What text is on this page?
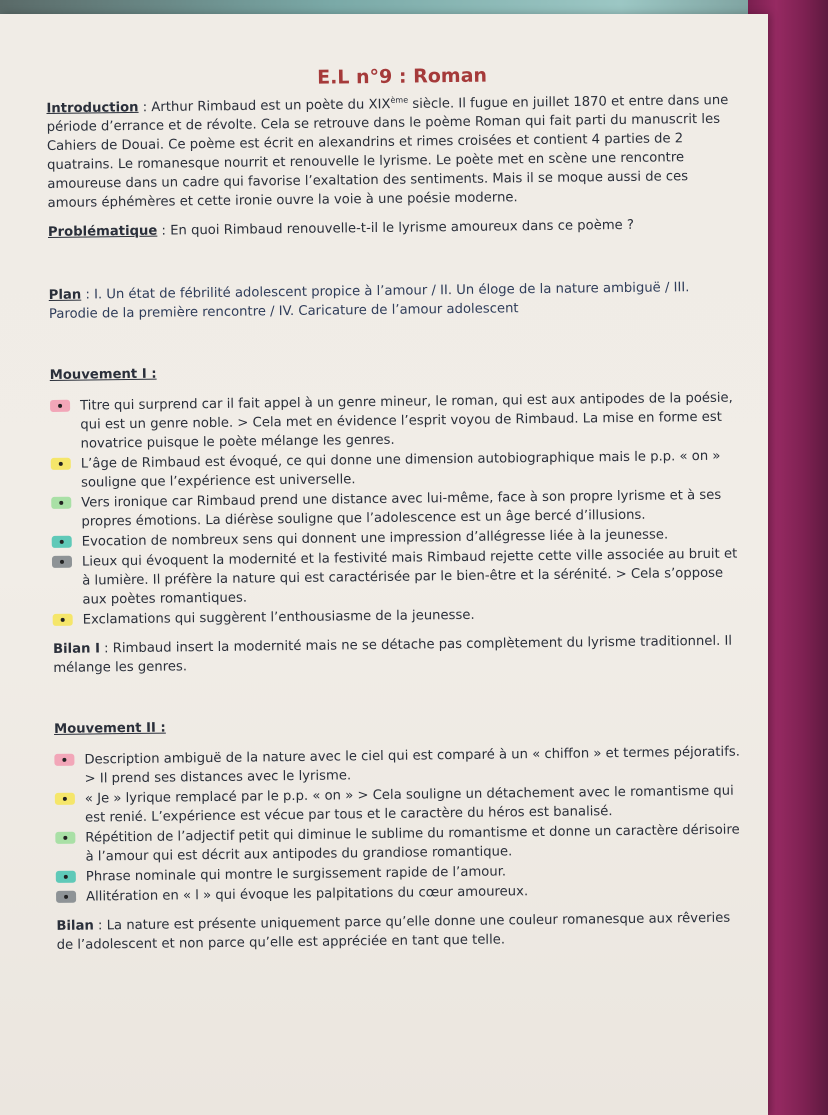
E.L n°9 : Roman

Introduction : Arthur Rimbaud est un poète du XIXème siècle. Il fugue en juillet 1870 et entre dans une période d’errance et de révolte. Cela se retrouve dans le poème Roman qui fait parti du manuscrit les Cahiers de Douai. Ce poème est écrit en alexandrins et rimes croisées et contient 4 parties de 2 quatrains. Le romanesque nourrit et renouvelle le lyrisme. Le poète met en scène une rencontre amoureuse dans un cadre qui favorise l’exaltation des sentiments. Mais il se moque aussi de ces amours éphémères et cette ironie ouvre la voie à une poésie moderne.

Problématique : En quoi Rimbaud renouvelle-t-il le lyrisme amoureux dans ce poème ?

Plan : I. Un état de fébrilité adolescent propice à l’amour / II. Un éloge de la nature ambiguë / III. Parodie de la première rencontre / IV. Caricature de l’amour adolescent

Mouvement I :

Titre qui surprend car il fait appel à un genre mineur, le roman, qui est aux antipodes de la poésie, qui est un genre noble. > Cela met en évidence l’esprit voyou de Rimbaud. La mise en forme est novatrice puisque le poète mélange les genres.
L’âge de Rimbaud est évoqué, ce qui donne une dimension autobiographique mais le p.p. « on » souligne que l’expérience est universelle.
Vers ironique car Rimbaud prend une distance avec lui-même, face à son propre lyrisme et à ses propres émotions. La diérèse souligne que l’adolescence est un âge bercé d’illusions.
Evocation de nombreux sens qui donnent une impression d’allégresse liée à la jeunesse.
Lieux qui évoquent la modernité et la festivité mais Rimbaud rejette cette ville associée au bruit et à lumière. Il préfère la nature qui est caractérisée par le bien-être et la sérénité. > Cela s’oppose aux poètes romantiques.
Exclamations qui suggèrent l’enthousiasme de la jeunesse.

Bilan I : Rimbaud insert la modernité mais ne se détache pas complètement du lyrisme traditionnel. Il mélange les genres.

Mouvement II :

Description ambiguë de la nature avec le ciel qui est comparé à un « chiffon » et termes péjoratifs. > Il prend ses distances avec le lyrisme.
« Je » lyrique remplacé par le p.p. « on » > Cela souligne un détachement avec le romantisme qui est renié. L’expérience est vécue par tous et le caractère du héros est banalisé.
Répétition de l’adjectif petit qui diminue le sublime du romantisme et donne un caractère dérisoire à l’amour qui est décrit aux antipodes du grandiose romantique.
Phrase nominale qui montre le surgissement rapide de l’amour.
Allitération en « l » qui évoque les palpitations du cœur amoureux.

Bilan : La nature est présente uniquement parce qu’elle donne une couleur romanesque aux rêveries de l’adolescent et non parce qu’elle est appréciée en tant que telle.
